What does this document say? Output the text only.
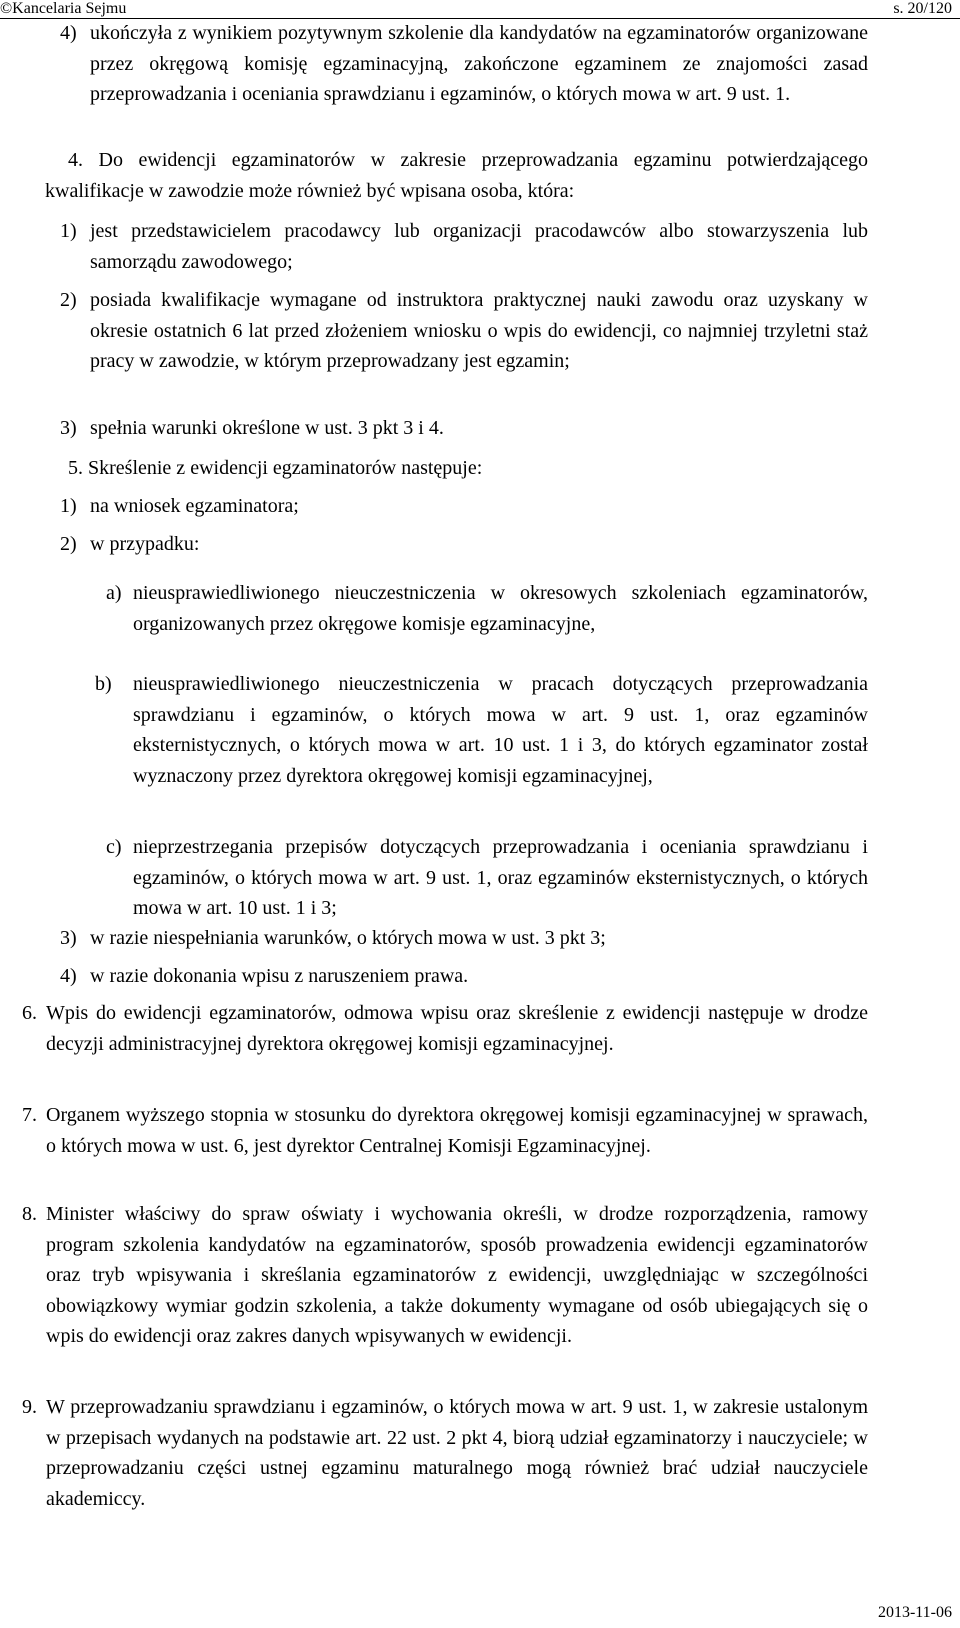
©Kancelaria Sejmu	s. 20/120
4) ukończyła z wynikiem pozytywnym szkolenie dla kandydatów na egzaminatorów organizowane przez okręgową komisję egzaminacyjną, zakończone egzaminem ze znajomości zasad przeprowadzania i oceniania sprawdzianu i egzaminów, o których mowa w art. 9 ust. 1.
4. Do ewidencji egzaminatorów w zakresie przeprowadzania egzaminu potwierdzającego kwalifikacje w zawodzie może również być wpisana osoba, która:
1) jest przedstawicielem pracodawcy lub organizacji pracodawców albo stowarzyszenia lub samorządu zawodowego;
2) posiada kwalifikacje wymagane od instruktora praktycznej nauki zawodu oraz uzyskany w okresie ostatnich 6 lat przed złożeniem wniosku o wpis do ewidencji, co najmniej trzyletni staż pracy w zawodzie, w którym przeprowadzany jest egzamin;
3) spełnia warunki określone w ust. 3 pkt 3 i 4.
5. Skreślenie z ewidencji egzaminatorów następuje:
1) na wniosek egzaminatora;
2) w przypadku:
a) nieusprawiedliwionego nieuczestniczenia w okresowych szkoleniach egzaminatorów, organizowanych przez okręgowe komisje egzaminacyjne,
b) nieusprawiedliwionego nieuczestniczenia w pracach dotyczących przeprowadzania sprawdzianu i egzaminów, o których mowa w art. 9 ust. 1, oraz egzaminów eksternistycznych, o których mowa w art. 10 ust. 1 i 3, do których egzaminator został wyznaczony przez dyrektora okręgowej komisji egzaminacyjnej,
c) nieprzestrzegania przepisów dotyczących przeprowadzania i oceniania sprawdzianu i egzaminów, o których mowa w art. 9 ust. 1, oraz egzaminów eksternistycznych, o których mowa w art. 10 ust. 1 i 3;
3) w razie niespełniania warunków, o których mowa w ust. 3 pkt 3;
4) w razie dokonania wpisu z naruszeniem prawa.
6. Wpis do ewidencji egzaminatorów, odmowa wpisu oraz skreślenie z ewidencji następuje w drodze decyzji administracyjnej dyrektora okręgowej komisji egzaminacyjnej.
7. Organem wyższego stopnia w stosunku do dyrektora okręgowej komisji egzaminacyjnej w sprawach, o których mowa w ust. 6, jest dyrektor Centralnej Komisji Egzaminacyjnej.
8. Minister właściwy do spraw oświaty i wychowania określi, w drodze rozporządzenia, ramowy program szkolenia kandydatów na egzaminatorów, sposób prowadzenia ewidencji egzaminatorów oraz tryb wpisywania i skreślania egzaminatorów z ewidencji, uwzględniając w szczególności obowiązkowy wymiar godzin szkolenia, a także dokumenty wymagane od osób ubiegających się o wpis do ewidencji oraz zakres danych wpisywanych w ewidencji.
9. W przeprowadzaniu sprawdzianu i egzaminów, o których mowa w art. 9 ust. 1, w zakresie ustalonym w przepisach wydanych na podstawie art. 22 ust. 2 pkt 4, biorą udział egzaminatorzy i nauczyciele; w przeprowadzaniu części ustnej egzaminu maturalnego mogą również brać udział nauczyciele akademiccy.
2013-11-06
